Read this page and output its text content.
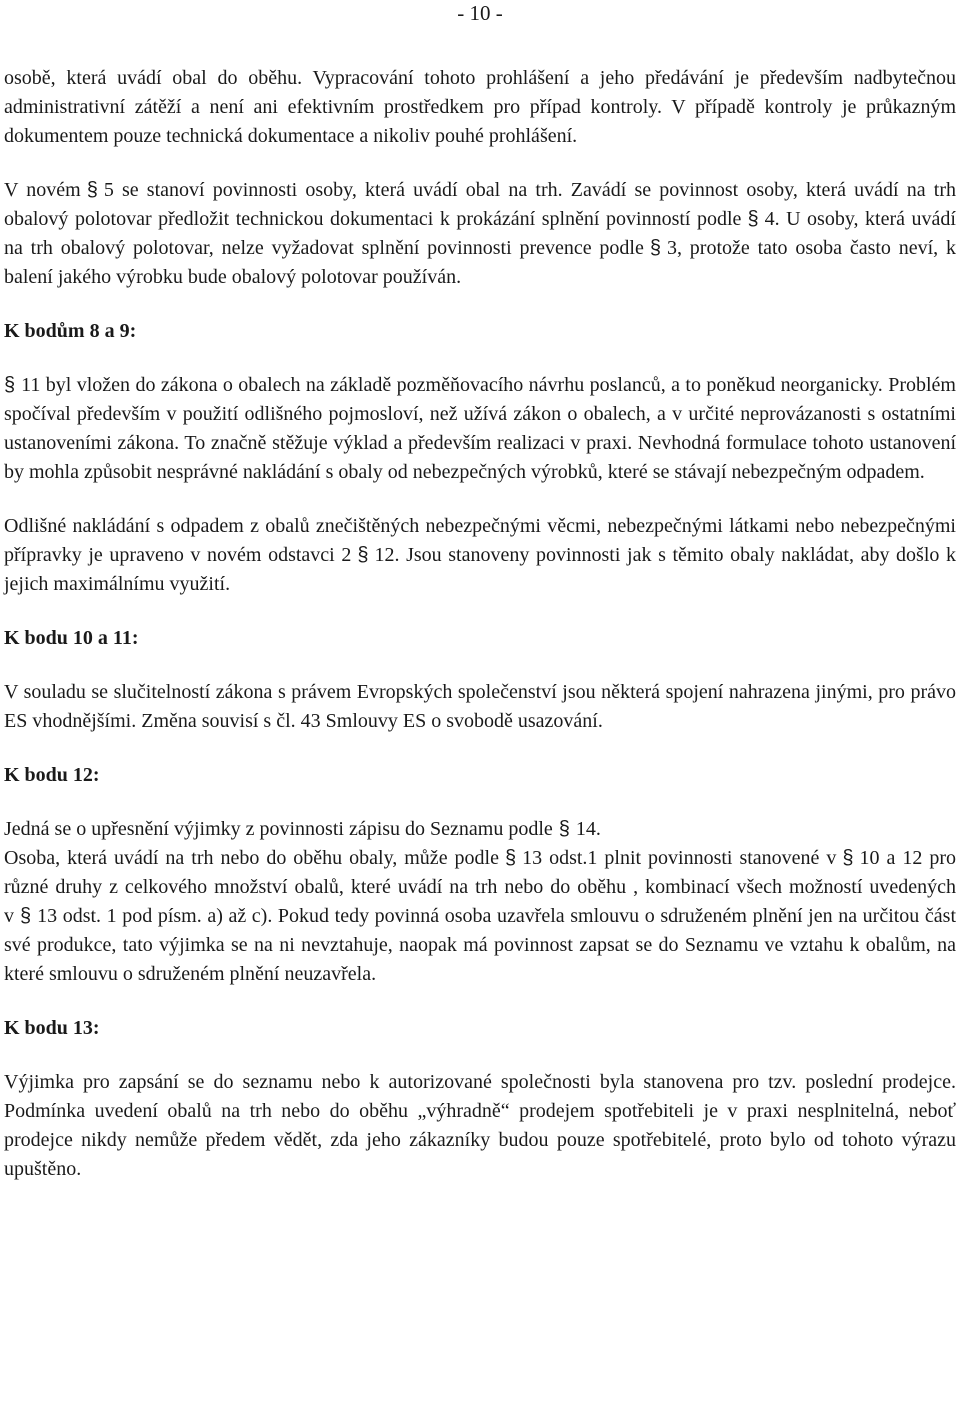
- 10 -

osobě, která uvádí obal do oběhu. Vypracování tohoto prohlášení a jeho předávání je především nadbytečnou administrativní zátěží a není ani efektivním prostředkem pro případ kontroly. V případě kontroly je průkazným dokumentem pouze technická dokumentace a nikoliv pouhé prohlášení.

V novém § 5 se stanoví povinnosti osoby, která uvádí obal na trh. Zavádí se povinnost osoby, která uvádí na trh obalový polotovar předložit technickou dokumentaci k prokázání splnění povinností podle § 4. U osoby, která uvádí na trh obalový polotovar, nelze vyžadovat splnění povinnosti prevence podle § 3, protože tato osoba často neví, k balení jakého výrobku bude obalový polotovar používán.

K bodům 8 a 9:

§ 11 byl vložen do zákona o obalech na základě pozměňovacího návrhu poslanců, a to poněkud neorganicky. Problém spočíval především v použití odlišného pojmosloví, než užívá zákon o obalech, a v určité neprovázanosti s ostatními ustanoveními zákona. To značně stěžuje výklad a především realizaci v praxi. Nevhodná formulace tohoto ustanovení by mohla způsobit nesprávné nakládání s obaly od nebezpečných výrobků, které se stávají nebezpečným odpadem.

Odlišné nakládání s odpadem z obalů znečištěných nebezpečnými věcmi, nebezpečnými látkami nebo nebezpečnými přípravky je upraveno v novém odstavci 2 § 12. Jsou stanoveny povinnosti jak s těmito obaly nakládat, aby došlo k jejich maximálnímu využití.

K bodu 10 a 11:

V souladu se slučitelností zákona s právem Evropských společenství jsou některá spojení nahrazena jinými, pro právo ES vhodnějšími. Změna souvisí s čl. 43 Smlouvy ES o svobodě usazování.

K bodu 12:

Jedná se o upřesnění výjimky z povinnosti zápisu do Seznamu podle § 14.

Osoba, která uvádí na trh nebo do oběhu obaly, může podle § 13 odst.1 plnit povinnosti stanovené v § 10 a 12 pro různé druhy z celkového množství obalů, které uvádí na trh nebo do oběhu , kombinací všech možností uvedených v § 13 odst. 1 pod písm. a) až c). Pokud tedy povinná osoba uzavřela smlouvu o sdruženém plnění jen na určitou část své produkce, tato výjimka se na ni nevztahuje, naopak má povinnost zapsat se do Seznamu ve vztahu k obalům, na které smlouvu o sdruženém plnění neuzavřela.

K bodu 13:

Výjimka pro zapsání se do seznamu nebo k autorizované společnosti byla stanovena pro tzv. poslední prodejce. Podmínka uvedení obalů na trh nebo do oběhu „výhradně“ prodejem spotřebiteli je v praxi nesplnitelná, neboť prodejce nikdy nemůže předem vědět, zda jeho zákazníky budou pouze spotřebitelé, proto bylo od tohoto výrazu upuštěno.
